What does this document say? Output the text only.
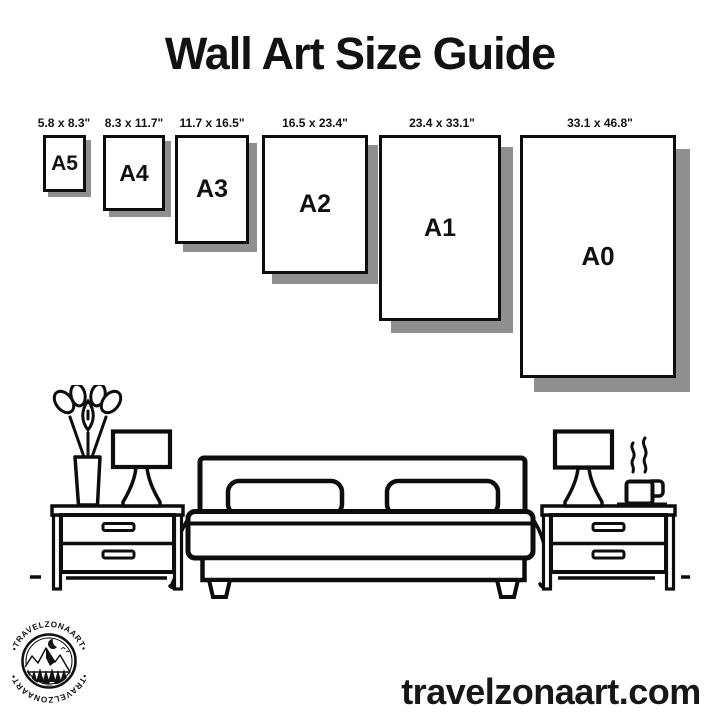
Wall Art Size Guide
5.8 x 8.3" 8.3 x 11.7" 11.7 x 16.5"	16.5 x 23.4"	23.4 x 33.1"	33.1 x 46.8"
A5 A4
A3
A2
A1
A0
•TRAVELZONAART•
•TRAVELZONAART•	travelzonaart.com
